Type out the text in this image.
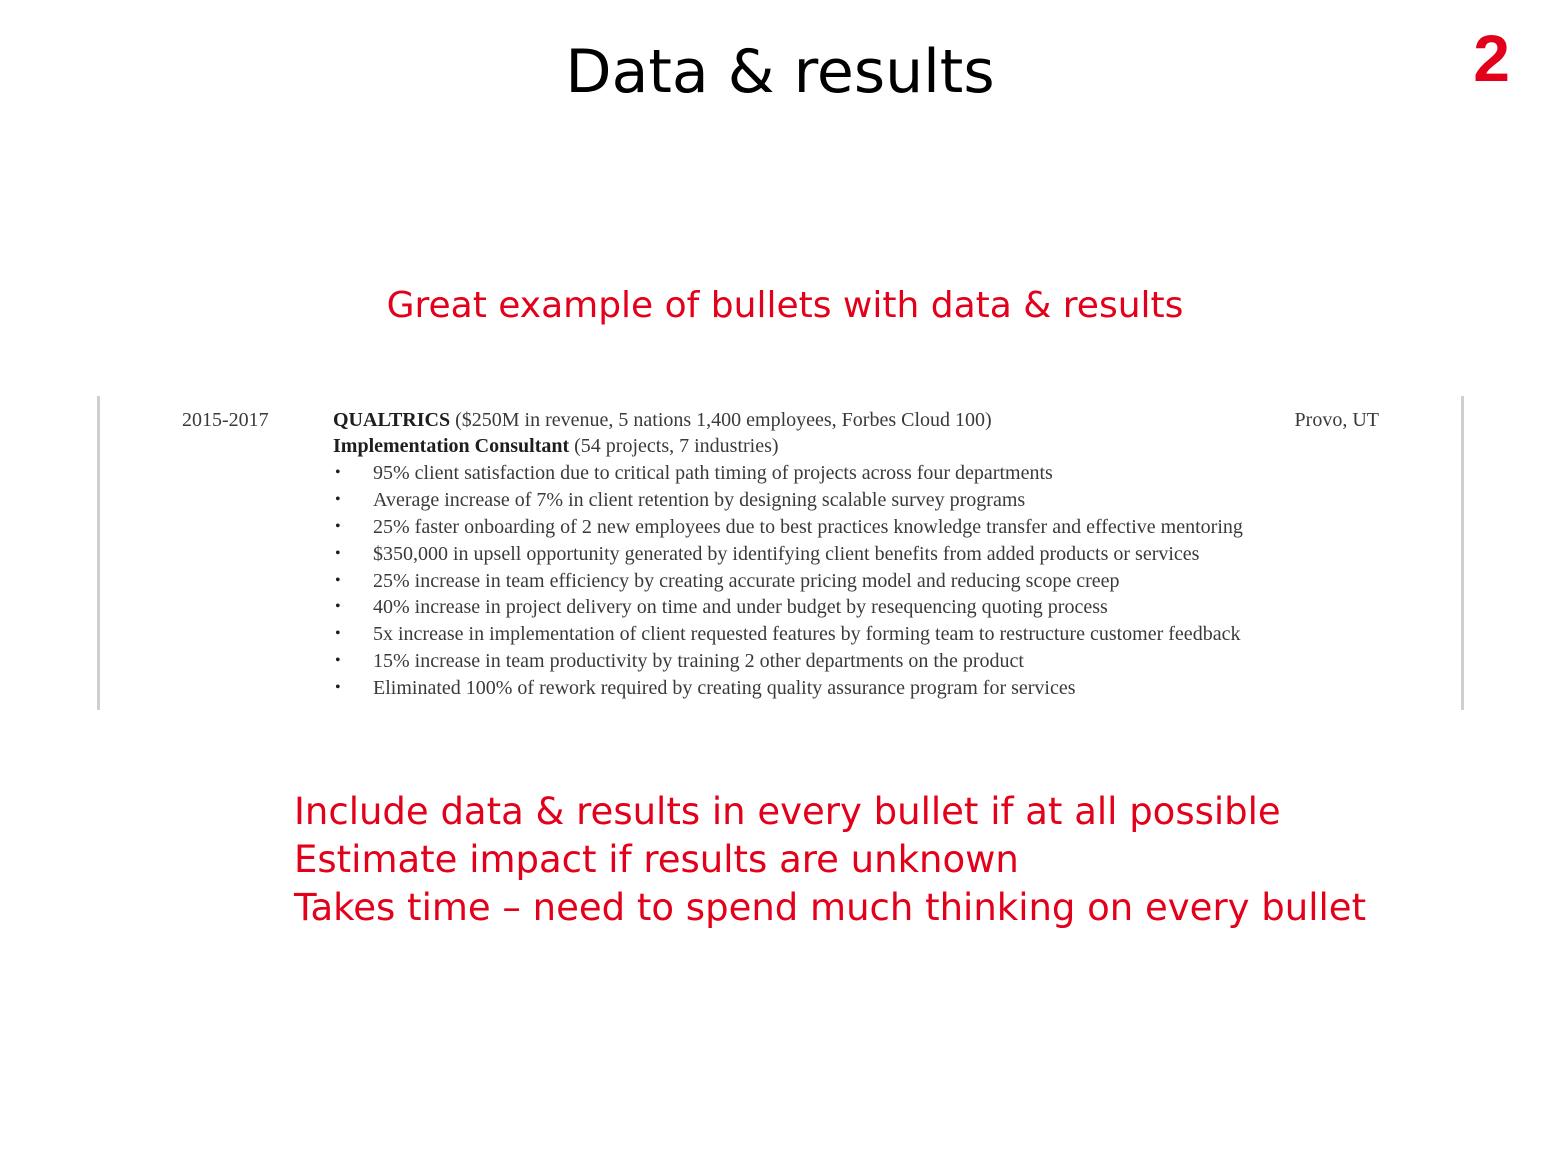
Data & results	2
Great example of bullets with data & results
2015-2017	QUALTRICS ($250M in revenue, 5 nations 1,400 employees, Forbes Cloud 100)	Provo, UT
Implementation Consultant (54 projects, 7 industries)
• 95% client satisfaction due to critical path timing of projects across four departments
• Average increase of 7% in client retention by designing scalable survey programs
• 25% faster onboarding of 2 new employees due to best practices knowledge transfer and effective mentoring
• $350,000 in upsell opportunity generated by identifying client benefits from added products or services
• 25% increase in team efficiency by creating accurate pricing model and reducing scope creep
• 40% increase in project delivery on time and under budget by resequencing quoting process
• 5x increase in implementation of client requested features by forming team to restructure customer feedback
• 15% increase in team productivity by training 2 other departments on the product
• Eliminated 100% of rework required by creating quality assurance program for services
Include data & results in every bullet if at all possible
Estimate impact if results are unknown
Takes time – need to spend much thinking on every bullet
